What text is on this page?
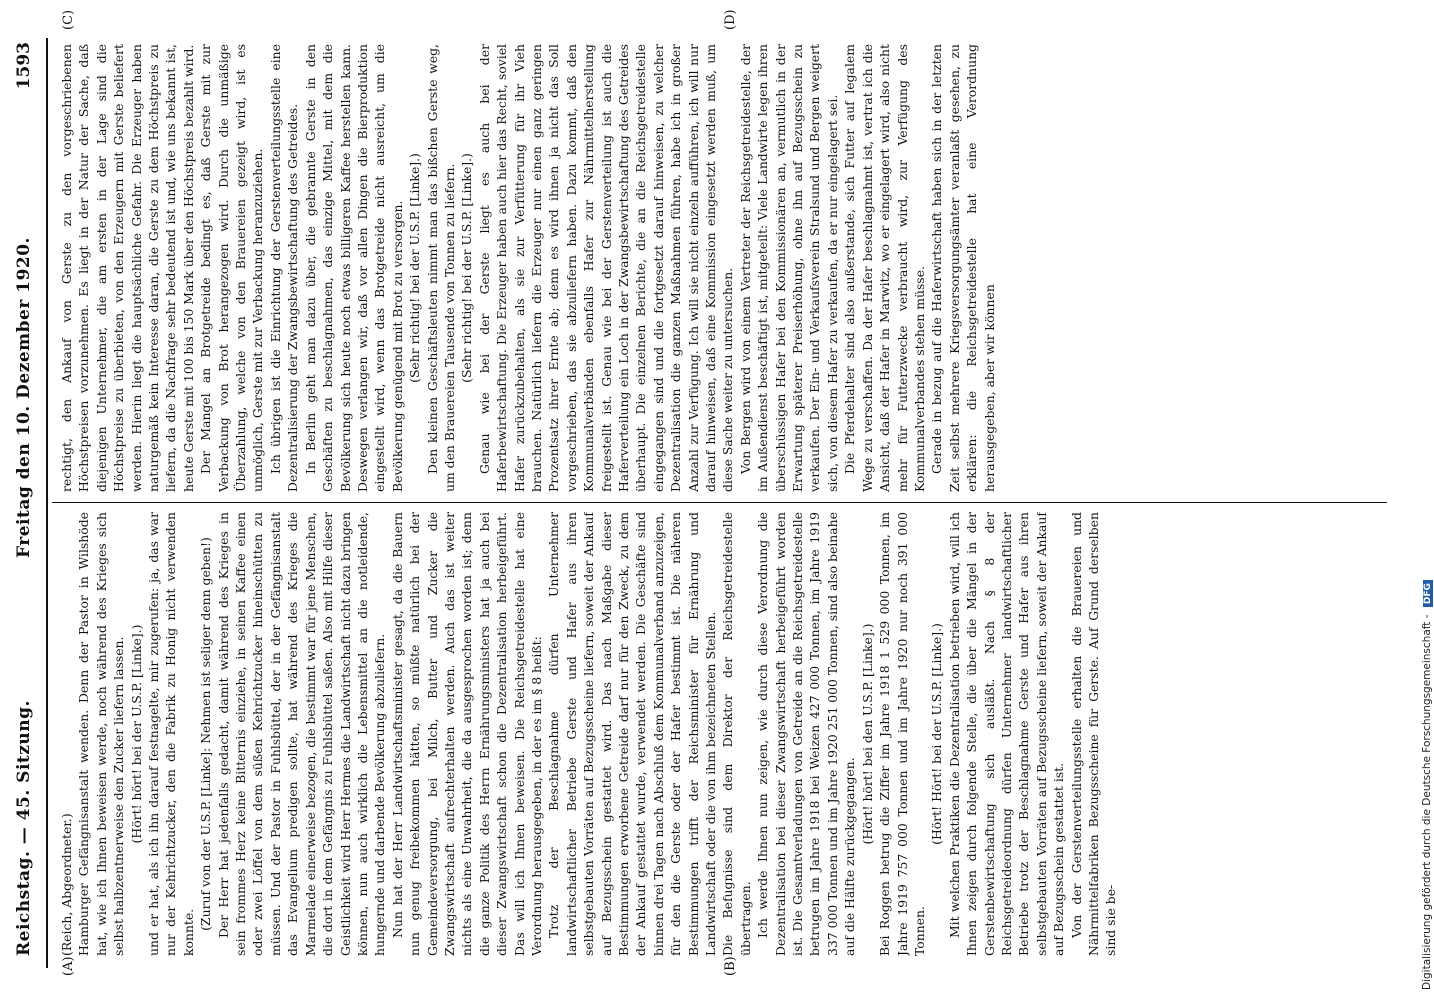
Reichstag. — 45. Sitzung.
Freitag den 10. Dezember 1920.
1593
(A)	(B)
(C)	(D)

(Reich, Abgeordneter.) Hamburger Gefängnisanstalt wenden. Denn der Pastor in Wilshöde hat, wie ich Ihnen beweisen werde, noch während des Krieges sich selbst halbzentnerweise den Zucker liefern lassen. (Hört! hört! bei der U.S.P. [Linke].) und er hat, als ich ihn darauf festnagelte, mir zugerufen: ja, das war nur der Kehrichtzucker, den die Fabrik zu Honig nicht verwenden konnte.

(Zuruf von der U.S.P. [Linke]: Nehmen ist seliger denn geben!) Der Herr hat jedenfalls gedacht, damit während des Krieges in sein frommes Herz keine Bitternis einziehe, in seinen Kaffee einen oder zwei Löffel von dem süßen Kehrichtzucker hineinschütten zu müssen. Und der Pastor in Fuhlsbüttel, der in der Gefängnisanstalt das Evangelium predigen sollte, hat während des Krieges die Marmelade einerweise bezogen, die bestimmt war für jene Menschen, die dort in dem Gefängnis zu Fuhlsbüttel saßen. Also mit Hilfe dieser Geistlichkeit wird Herr Hermes die Landwirtschaft nicht dazu bringen können, nun auch wirklich die Lebensmittel an die notleidende, hungernde und darbende Bevölkerung abzuliefern. Nun hat der Herr Landwirtschaftsminister gesagt, da die Bauern nun genug freibekommen hätten, so müßte natürlich bei der Gemeindeversorgung, bei Milch, Butter und Zucker die Zwangswirtschaft aufrechterhalten werden. Auch das ist weiter nichts als eine Unwahrheit, die da ausgesprochen worden ist; denn die ganze Politik des Herrn Ernährungsministers hat ja auch bei dieser Zwangswirtschaft schon die Dezentralisation herbeigeführt. Das will ich Ihnen beweisen. Die Reichsgetreidestelle hat eine Verordnung herausgegeben, in der es im § 8 heißt: Trotz der Beschlagnahme dürfen Unternehmer landwirtschaftlicher Betriebe Gerste und Hafer aus ihren selbstgebauten Vorräten auf Bezugsscheine liefern, soweit der Ankauf auf Bezugsschein gestattet wird. Das nach Maßgabe dieser Bestimmungen erworbene Getreide darf nur für den Zweck, zu dem der Ankauf gestattet wurde, verwendet werden. Die Geschäfte sind binnen drei Tagen nach Abschluß dem Kommunalverband anzuzeigen, für den die Gerste oder der Hafer bestimmt ist. Die näheren Bestimmungen trifft der Reichsminister für Ernährung und Landwirtschaft oder die von ihm bezeichneten Stellen. Die Befugnisse sind dem Direktor der Reichsgetreidestelle übertragen. Ich werde Ihnen nun zeigen, wie durch diese Verordnung die Dezentralisation bei dieser Zwangswirtschaft herbeigeführt worden ist. Die Gesamtverladungen von Getreide an die Reichsgetreidestelle betrugen im Jahre 1918 bei Weizen 427 000 Tonnen, im Jahre 1919 337 000 Tonnen und im Jahre 1920 251 000 Tonnen, sind also beinahe auf die Hälfte zurückgegangen.

(Hört! hört! bei den U.S.P. [Linke].) Bei Roggen betrug die Ziffer im Jahre 1918 1 529 000 Tonnen, im Jahre 1919 757 000 Tonnen und im Jahre 1920 nur noch 391 000 Tonnen.

(Hört! Hört! bei der U.S.P. [Linke].) Mit welchen Praktiken die Dezentralisation betrieben wird, will ich Ihnen zeigen durch folgende Stelle, die über die Mängel in der Gerstenbewirtschaftung sich ausläßt. Nach § 8 der Reichsgetreideordnung dürfen Unternehmer landwirtschaftlicher Betriebe trotz der Beschlagnahme Gerste und Hafer aus ihren selbstgebauten Vorräten auf Bezugsscheine liefern, soweit der Ankauf auf Bezugsschein gestattet ist. Von der Gerstenverteilungsstelle erhalten die Brauereien und Nährmittelfabriken Bezugsscheine für Gerste. Auf Grund derselben sind sie be-

rechtigt, den Ankauf von Gerste zu den vorgeschriebenen Höchstpreisen vorzunehmen. Es liegt in der Natur der Sache, daß diejenigen Unternehmer, die am ersten in der Lage sind die Höchstpreise zu überbieten, von den Erzeugern mit Gerste beliefert werden. Hierin liegt die hauptsächliche Gefahr. Die Erzeuger haben naturgemäß kein Interesse daran, die Gerste zu dem Höchstpreis zu liefern, da die Nachfrage sehr bedeutend ist und, wie uns bekannt ist, heute Gerste mit 100 bis 150 Mark über den Höchstpreis bezahlt wird. Der Mangel an Brotgetreide bedingt es, daß Gerste mit zur Verbackung von Brot herangezogen wird. Durch die unmäßige Überzahlung, welche von den Brauereien gezeigt wird, ist es unmöglich, Gerste mit zur Verbackung heranzuziehen. Ich übrigen ist die Einrichtung der Gerstenverteilungsstelle eine Dezentralisierung der Zwangsbewirtschaftung des Getreides. In Berlin geht man dazu über, die gebrannte Gerste in den Geschäften zu beschlagnahmen, das einzige Mittel, mit dem die Bevölkerung sich heute noch etwas billigeren Kaffee herstellen kann. Deswegen verlangen wir, daß vor allen Dingen die Bierproduktion eingestellt wird, wenn das Brotgetreide nicht ausreicht, um die Bevölkerung genügend mit Brot zu versorgen. (Sehr richtig! bei der U.S.P. [Linke].) Den kleinen Geschäftsleuten nimmt man das bißchen Gerste weg, um den Brauereien Tausende von Tonnen zu liefern. (Sehr richtig! bei der U.S.P. [Linke].) Genau wie bei der Gerste liegt es auch bei der Haferbewirtschaftung. Die Erzeuger haben auch hier das Recht, soviel Hafer zurückzubehalten, als sie zur Verfütterung für ihr Vieh brauchen. Natürlich liefern die Erzeuger nur einen ganz geringen Prozentsatz ihrer Ernte ab; denn es wird ihnen ja nicht das Soll vorgeschrieben, das sie abzuliefern haben. Dazu kommt, daß den Kommunalverbänden ebenfalls Hafer zur Nährmittelherstellung freigestellt ist. Genau wie bei der Gerstenverteilung ist auch die Haferverteilung ein Loch in der Zwangsbewirtschaftung des Getreides überhaupt. Die einzelnen Berichte, die an die Reichsgetreidestelle eingegangen sind und die fortgesetzt darauf hinweisen, zu welcher Dezentralisation die ganzen Maßnahmen führen, habe ich in großer Anzahl zur Verfügung. Ich will sie nicht einzeln aufführen, ich will nur darauf hinweisen, daß eine Kommission eingesetzt werden muß, um diese Sache weiter zu untersuchen. Von Bergen wird von einem Vertreter der Reichsgetreidestelle, der im Außendienst beschäftigt ist, mitgeteilt: Viele Landwirte legen ihren überschüssigen Hafer bei den Kommissionären an, vermutlich in der Erwartung späterer Preiserhöhung, ohne ihn auf Bezugsschein zu verkaufen. Der Ein- und Verkaufsverein Stralsund und Bergen weigert sich, von diesem Hafer zu verkaufen, da er nur eingelagert sei. Die Pferdehalter sind also außerstande, sich Futter auf legalem Wege zu verschaffen. Da der Hafer beschlagnahmt ist, vertrat ich die Ansicht, daß der Hafer in Marwitz, wo er eingelagert wird, also nicht mehr für Futterzwecke verbraucht wird, zur Verfügung des Kommunalverbandes stehen müsse. Gerade in bezug auf die Haferwirtschaft haben sich in der letzten Zeit selbst mehrere Kriegsversorgungsämter veranlaßt gesehen, zu erklären: die Reichsgetreidestelle hat eine Verordnung herausgegeben, aber wir können

Digitalisierung gefördert durch die Deutsche Forschungsgemeinschaft - DFG
